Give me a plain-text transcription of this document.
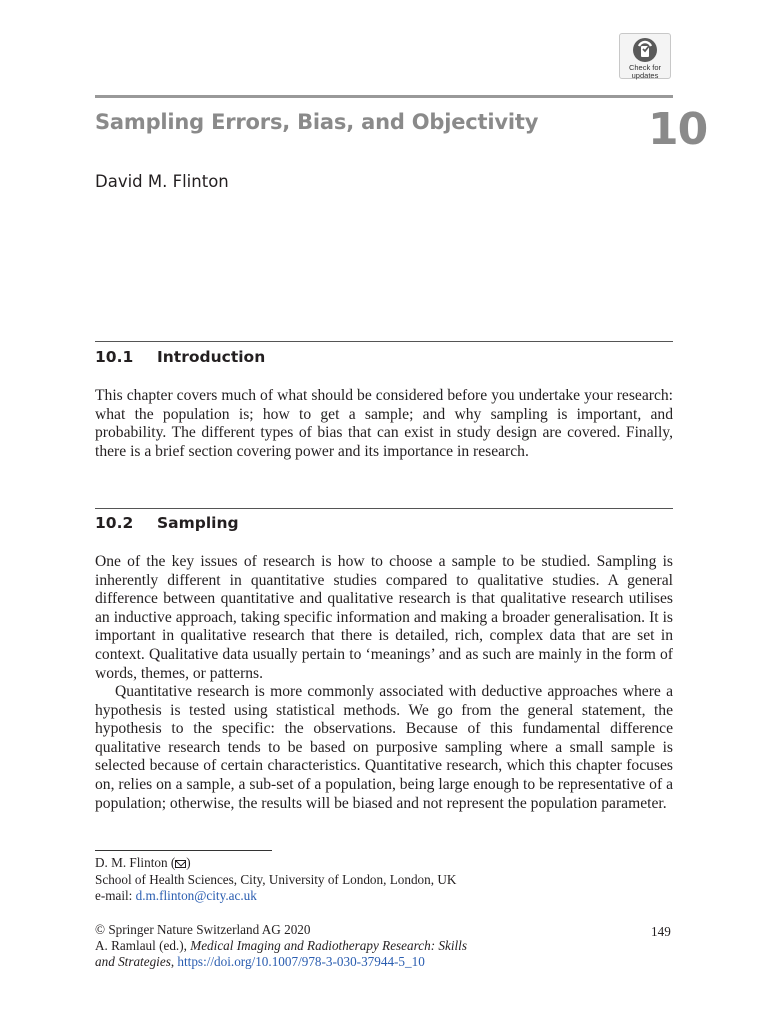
Check for
updates
Sampling Errors, Bias, and Objectivity 10
David M. Flinton
10.1 Introduction

This chapter covers much of what should be considered before you undertake your research: what the population is; how to get a sample; and why sampling is important, and probability. The different types of bias that can exist in study design are covered. Finally, there is a brief section covering power and its importance in research.

10.2 Sampling

One of the key issues of research is how to choose a sample to be studied. Sampling is inherently different in quantitative studies compared to qualitative studies. A general difference between quantitative and qualitative research is that qualitative research utilises an inductive approach, taking specific information and making a broader generalisation. It is important in qualitative research that there is detailed, rich, complex data that are set in context. Qualitative data usually pertain to ‘meanings’ and as such are mainly in the form of words, themes, or patterns.

Quantitative research is more commonly associated with deductive approaches where a hypothesis is tested using statistical methods. We go from the general statement, the hypothesis to the specific: the observations. Because of this fundamental difference qualitative research tends to be based on purposive sampling where a small sample is selected because of certain characteristics. Quantitative research, which this chapter focuses on, relies on a sample, a sub-set of a population, being large enough to be representative of a population; otherwise, the results will be biased and not represent the population parameter.

D. M. Flinton ( )
School of Health Sciences, City, University of London, London, UK
e-mail: d.m.flinton@city.ac.uk
© Springer Nature Switzerland AG 2020
A. Ramlaul (ed.), Medical Imaging and Radiotherapy Research: Skills
and Strategies, https://doi.org/10.1007/978-3-030-37944-5_10
149
